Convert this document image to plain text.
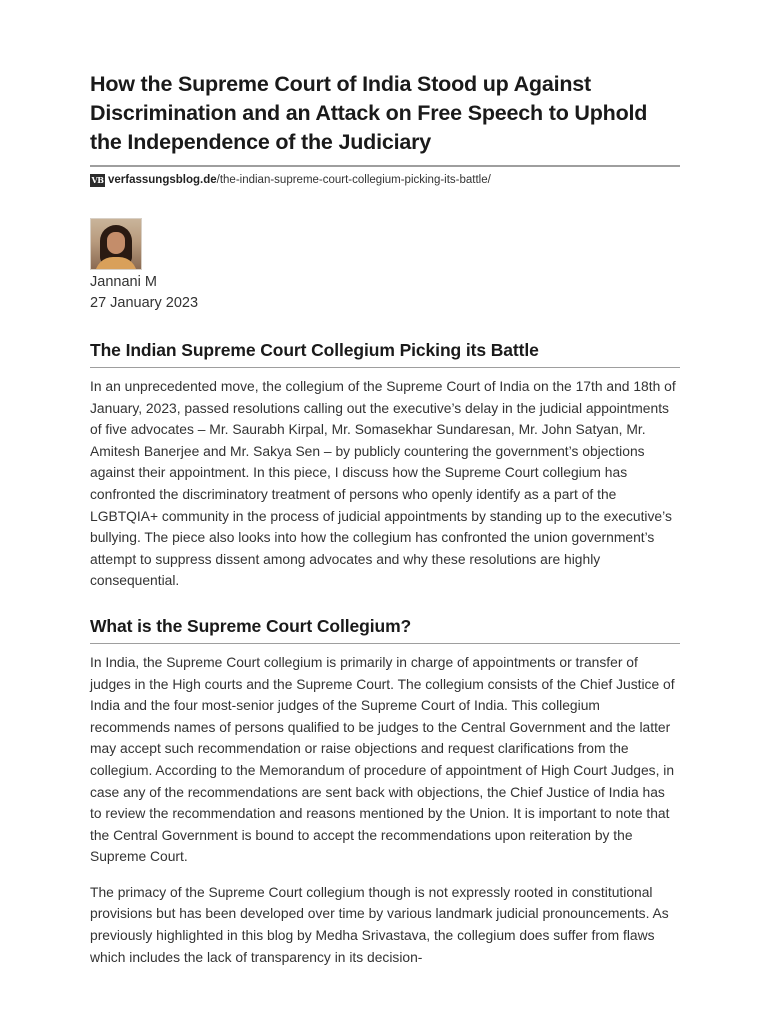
How the Supreme Court of India Stood up Against Discrimination and an Attack on Free Speech to Uphold the Independence of the Judiciary
VB verfassungsblog.de/the-indian-supreme-court-collegium-picking-its-battle/
Jannani M
27 January 2023
The Indian Supreme Court Collegium Picking its Battle

In an unprecedented move, the collegium of the Supreme Court of India on the 17th and 18th of January, 2023, passed resolutions calling out the executive’s delay in the judicial appointments of five advocates – Mr. Saurabh Kirpal, Mr. Somasekhar Sundaresan, Mr. John Satyan, Mr. Amitesh Banerjee and Mr. Sakya Sen – by publicly countering the government’s objections against their appointment. In this piece, I discuss how the Supreme Court collegium has confronted the discriminatory treatment of persons who openly identify as a part of the LGBTQIA+ community in the process of judicial appointments by standing up to the executive’s bullying. The piece also looks into how the collegium has confronted the union government’s attempt to suppress dissent among advocates and why these resolutions are highly consequential.

What is the Supreme Court Collegium?

In India, the Supreme Court collegium is primarily in charge of appointments or transfer of judges in the High courts and the Supreme Court. The collegium consists of the Chief Justice of India and the four most-senior judges of the Supreme Court of India. This collegium recommends names of persons qualified to be judges to the Central Government and the latter may accept such recommendation or raise objections and request clarifications from the collegium. According to the Memorandum of procedure of appointment of High Court Judges, in case any of the recommendations are sent back with objections, the Chief Justice of India has to review the recommendation and reasons mentioned by the Union. It is important to note that the Central Government is bound to accept the recommendations upon reiteration by the Supreme Court.

The primacy of the Supreme Court collegium though is not expressly rooted in constitutional provisions but has been developed over time by various landmark judicial pronouncements. As previously highlighted in this blog by Medha Srivastava, the collegium does suffer from flaws which includes the lack of transparency in its decision-
